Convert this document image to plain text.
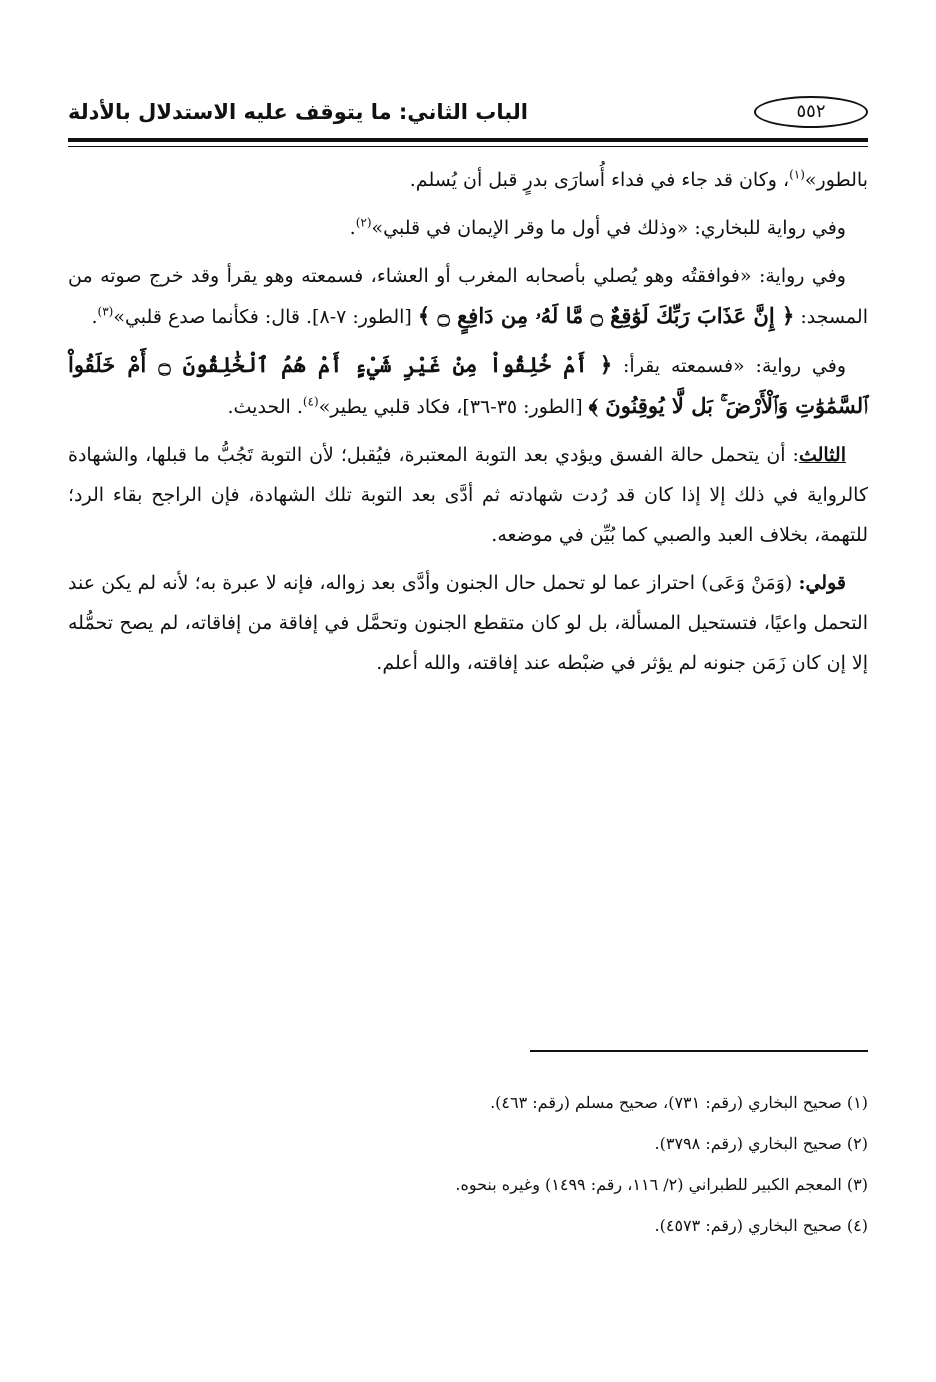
الباب الثاني: ما يتوقف عليه الاستدلال بالأدلة	٥٥٢

بالطور»$^{(١)}$، وكان قد جاء في فداء أُسارَى بدرٍ قبل أن يُسلم.

وفي رواية للبخاري: «وذلك في أول ما وقر الإيمان في قلبي»$^{(٢)}$.

وفي رواية: «فوافقتُه وهو يُصلي بأصحابه المغرب أو العشاء، فسمعته وهو يقرأ وقد خرج صوته من المسجد: ﴿ إِنَّ عَذَابَ رَبِّكَ لَوَٰقِعٌ ۝ مَّا لَهُۥ مِن دَافِعٍ ۝ ﴾ [الطور: ٧-٨]. قال: فكأنما صدع قلبي»$^{(٣)}$.

وفي رواية: «فسمعته يقرأ: ﴿ أَمْ خُلِقُواْ مِنْ غَيْرِ شَيْءٍ أَمْ هُمُ ٱلْخَٰلِقُونَ ۝ أَمْ خَلَقُواْ ٱلسَّمَٰوَٰتِ وَٱلْأَرْضَ ۚ بَل لَّا يُوقِنُونَ ﴾ [الطور: ٣٥-٣٦]، فكاد قلبي يطير»$^{(٤)}$. الحديث.

الثالث: أن يتحمل حالة الفسق ويؤدي بعد التوبة المعتبرة، فيُقبل؛ لأن التوبة تَجُبُّ ما قبلها، والشهادة كالرواية في ذلك إلا إذا كان قد رُدت شهادته ثم أدَّى بعد التوبة تلك الشهادة، فإن الراجح بقاء الرد؛ للتهمة، بخلاف العبد والصبي كما بُيِّن في موضعه.

قولي: (وَمَنْ وَعَى) احتراز عما لو تحمل حال الجنون وأدَّى بعد زواله، فإنه لا عبرة به؛ لأنه لم يكن عند التحمل واعيًا، فتستحيل المسألة، بل لو كان متقطع الجنون وتحمَّل في إفاقة من إفاقاته، لم يصح تحمُّله إلا إن كان زَمَن جنونه لم يؤثر في ضبْطه عند إفاقته، والله أعلم.

(١) صحيح البخاري (رقم: ٧٣١)، صحيح مسلم (رقم: ٤٦٣).
(٢) صحيح البخاري (رقم: ٣٧٩٨).
(٣) المعجم الكبير للطبراني (٢/ ١١٦، رقم: ١٤٩٩) وغيره بنحوه.
(٤) صحيح البخاري (رقم: ٤٥٧٣).
